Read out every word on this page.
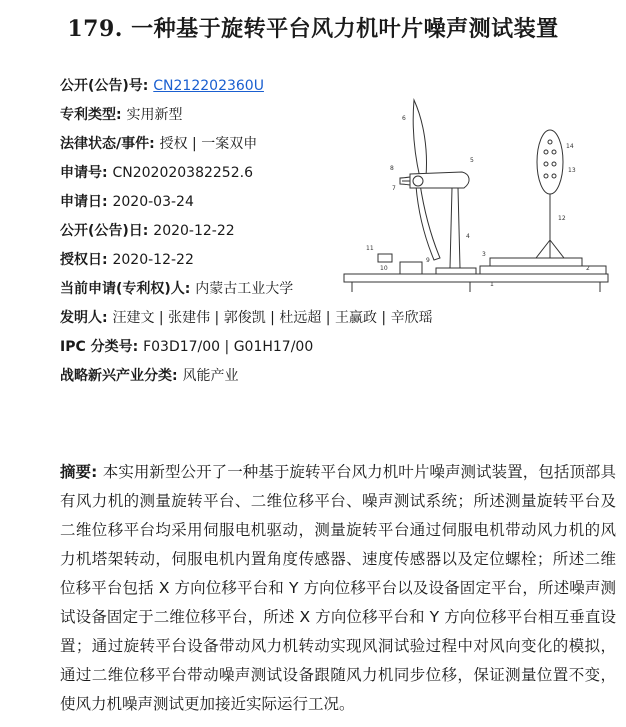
179. 一种基于旋转平台风力机叶片噪声测试装置
公开(公告)号: CN212202360U
专利类型: 实用新型
法律状态/事件: 授权 | 一案双申
申请号: CN202020382252.6
申请日: 2020-03-24
公开(公告)日: 2020-12-22
授权日: 2020-12-22
当前申请(专利权)人: 内蒙古工业大学
发明人: 汪建文 | 张建伟 | 郭俊凯 | 杜远超 | 王赢政 | 辛欣瑶
IPC 分类号: F03D17/00 | G01H17/00
战略新兴产业分类: 风能产业
6
8
7
5
4
11
10
9
1
3
2
14
13
12
摘要: 本实用新型公开了一种基于旋转平台风力机叶片噪声测试装置，包括顶部具有风力机的测量旋转平台、二维位移平台、噪声测试系统；所述测量旋转平台及二维位移平台均采用伺服电机驱动，测量旋转平台通过伺服电机带动风力机的风力机塔架转动，伺服电机内置角度传感器、速度传感器以及定位螺栓；所述二维位移平台包括 X 方向位移平台和 Y 方向位移平台以及设备固定平台，所述噪声测试设备固定于二维位移平台，所述 X 方向位移平台和 Y 方向位移平台相互垂直设置；通过旋转平台设备带动风力机转动实现风洞试验过程中对风向变化的模拟，通过二维位移平台带动噪声测试设备跟随风力机同步位移，保证测量位置不变，使风力机噪声测试更加接近实际运行工况。
